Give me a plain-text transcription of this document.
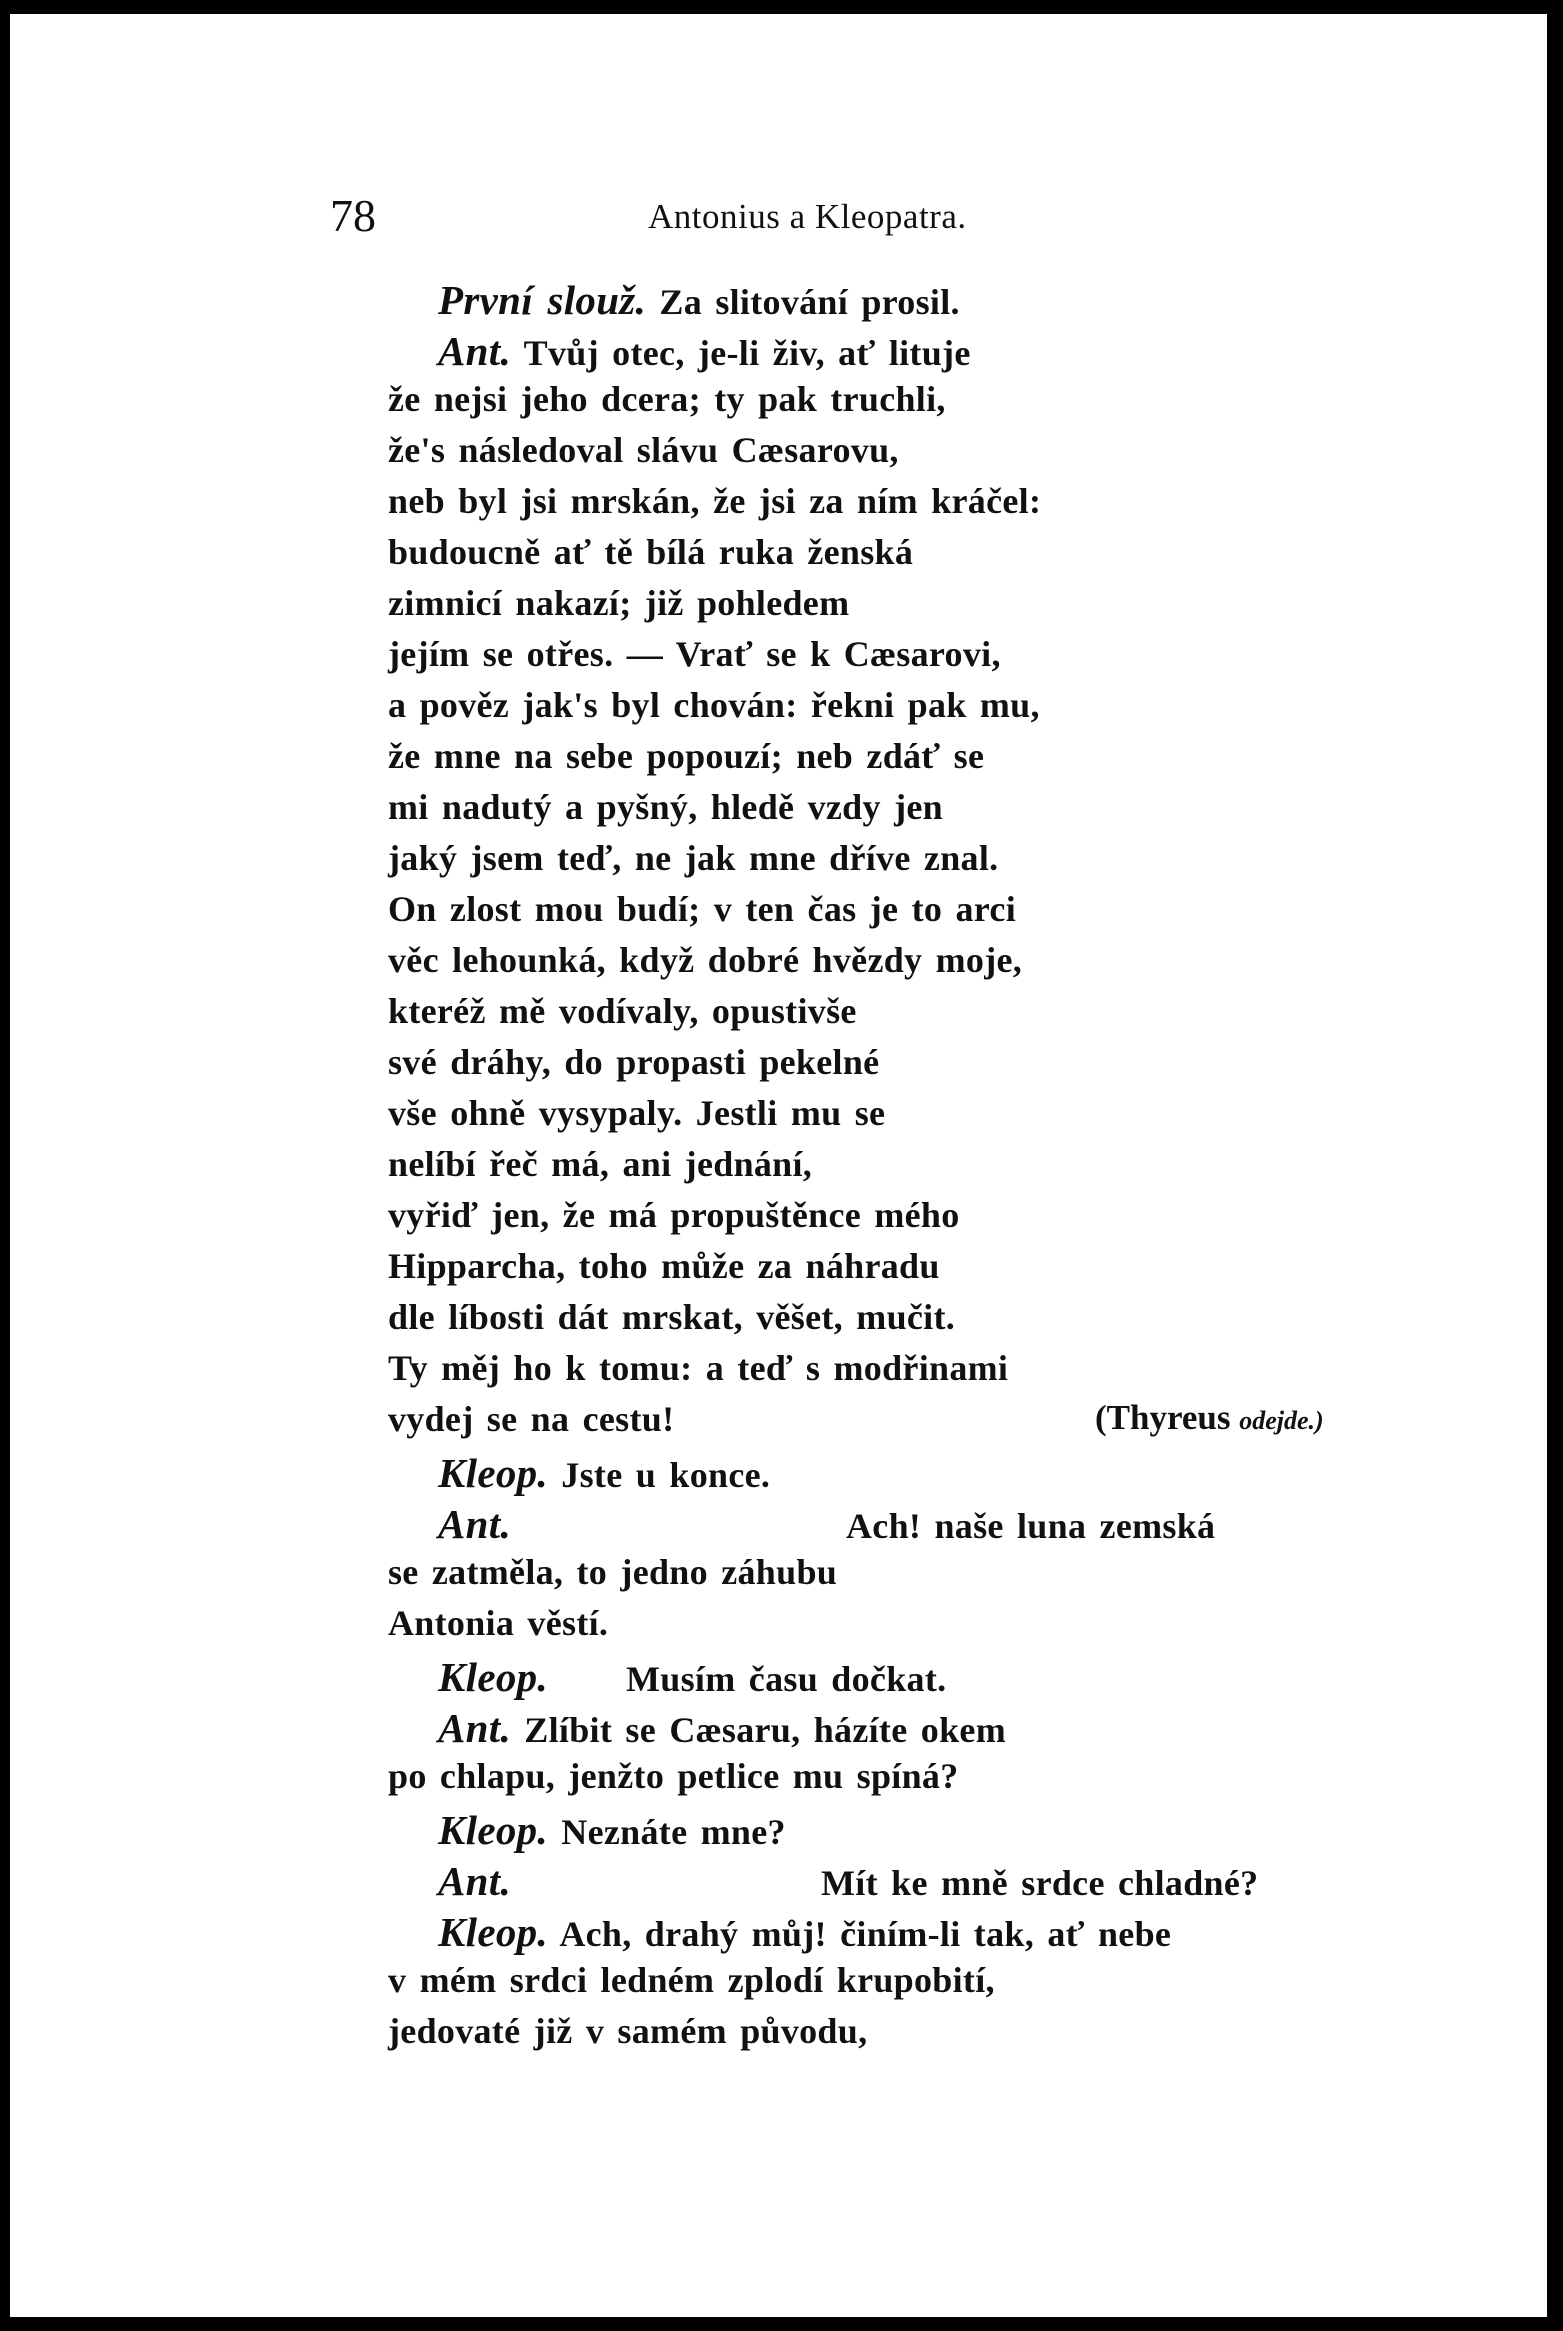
78	Antonius a Kleopatra.
První slouž. Za slitování prosil.
Ant. Tvůj otec, je-li živ, ať lituje
že nejsi jeho dcera; ty pak truchli,
že's následoval slávu Cæsarovu,
neb byl jsi mrskán, že jsi za ním kráčel:
budoucně ať tě bílá ruka ženská
zimnicí nakazí; již pohledem
jejím se otřes. — Vrať se k Cæsarovi,
a pověz jak's byl chován: řekni pak mu,
že mne na sebe popouzí; neb zdáť se
mi nadutý a pyšný, hledě vzdy jen
jaký jsem teď, ne jak mne dříve znal.
On zlost mou budí; v ten čas je to arci
věc lehounká, když dobré hvězdy moje,
kteréž mě vodívaly, opustivše
své dráhy, do propasti pekelné
vše ohně vysypaly. Jestli mu se
nelíbí řeč má, ani jednání,
vyřiď jen, že má propuštěnce mého
Hipparcha, toho může za náhradu
dle líbosti dát mrskat, věšet, mučit.
Ty měj ho k tomu: a teď s modřinami
vydej se na cestu!	(Thyreus odejde.)
Kleop. Jste u konce.
Ant.	Ach! naše luna zemská
se zatměla, to jedno záhubu
Antonia věstí.
Kleop. Musím času dočkat.
Ant. Zlíbit se Cæsaru, házíte okem
po chlapu, jenžto petlice mu spíná?
Kleop. Neznáte mne?
Ant.	Mít ke mně srdce chladné?
Kleop. Ach, drahý můj! činím-li tak, ať nebe
v mém srdci ledném zplodí krupobití,
jedovaté již v samém původu,
